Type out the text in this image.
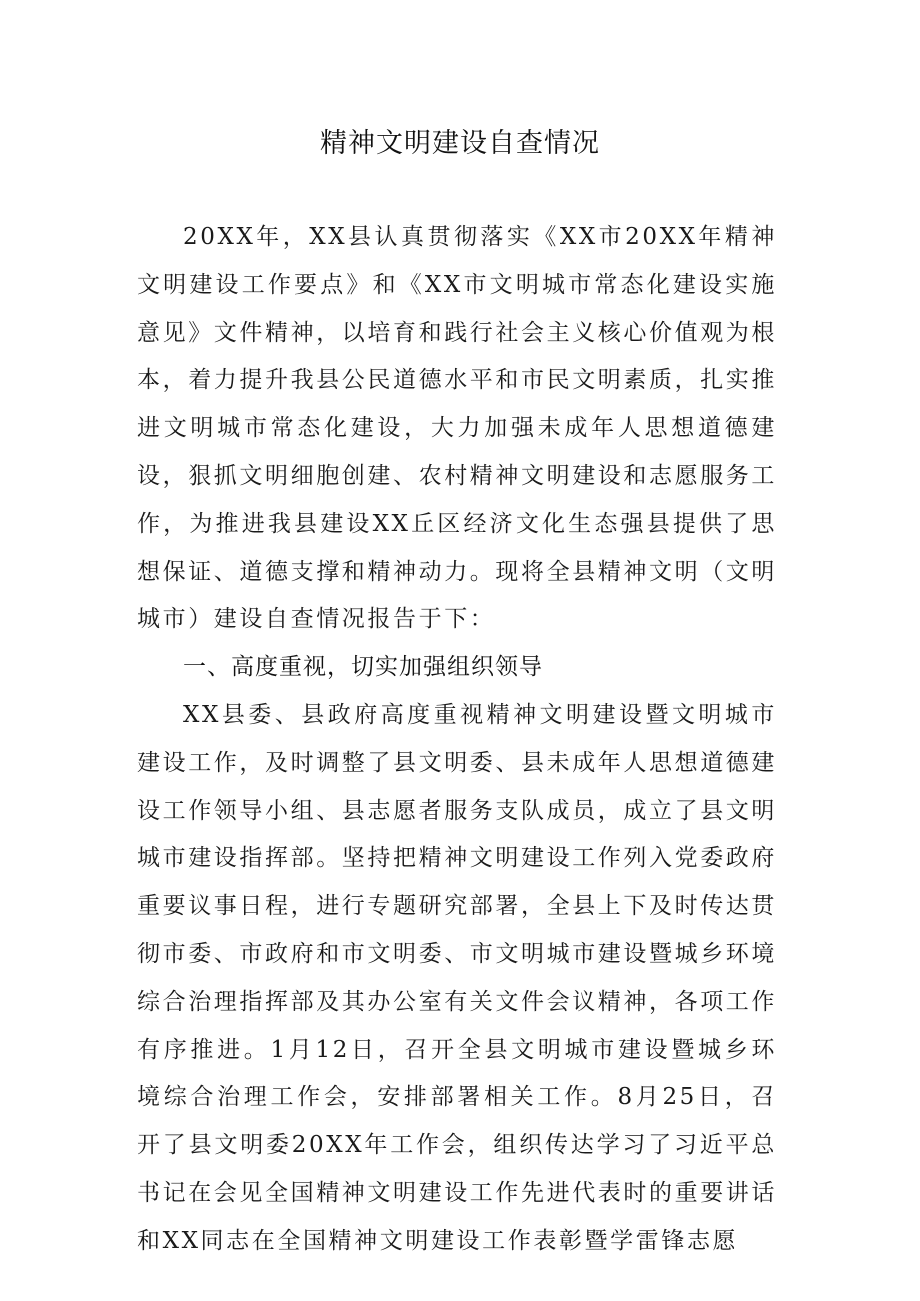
精神文明建设自查情况

20XX年，XX县认真贯彻落实《XX市20XX年精神文明建设工作要点》和《XX市文明城市常态化建设实施意见》文件精神，以培育和践行社会主义核心价值观为根本，着力提升我县公民道德水平和市民文明素质，扎实推进文明城市常态化建设，大力加强未成年人思想道德建设，狠抓文明细胞创建、农村精神文明建设和志愿服务工作，为推进我县建设XX丘区经济文化生态强县提供了思想保证、道德支撑和精神动力。现将全县精神文明（文明城市）建设自查情况报告于下：

一、高度重视，切实加强组织领导

XX县委、县政府高度重视精神文明建设暨文明城市建设工作，及时调整了县文明委、县未成年人思想道德建设工作领导小组、县志愿者服务支队成员，成立了县文明城市建设指挥部。坚持把精神文明建设工作列入党委政府重要议事日程，进行专题研究部署，全县上下及时传达贯彻市委、市政府和市文明委、市文明城市建设暨城乡环境综合治理指挥部及其办公室有关文件会议精神，各项工作有序推进。1月12日，召开全县文明城市建设暨城乡环境综合治理工作会，安排部署相关工作。8月25日，召开了县文明委20XX年工作会，组织传达学习了习近平总书记在会见全国精神文明建设工作先进代表时的重要讲话和XX同志在全国精神文明建设工作表彰暨学雷锋志愿
